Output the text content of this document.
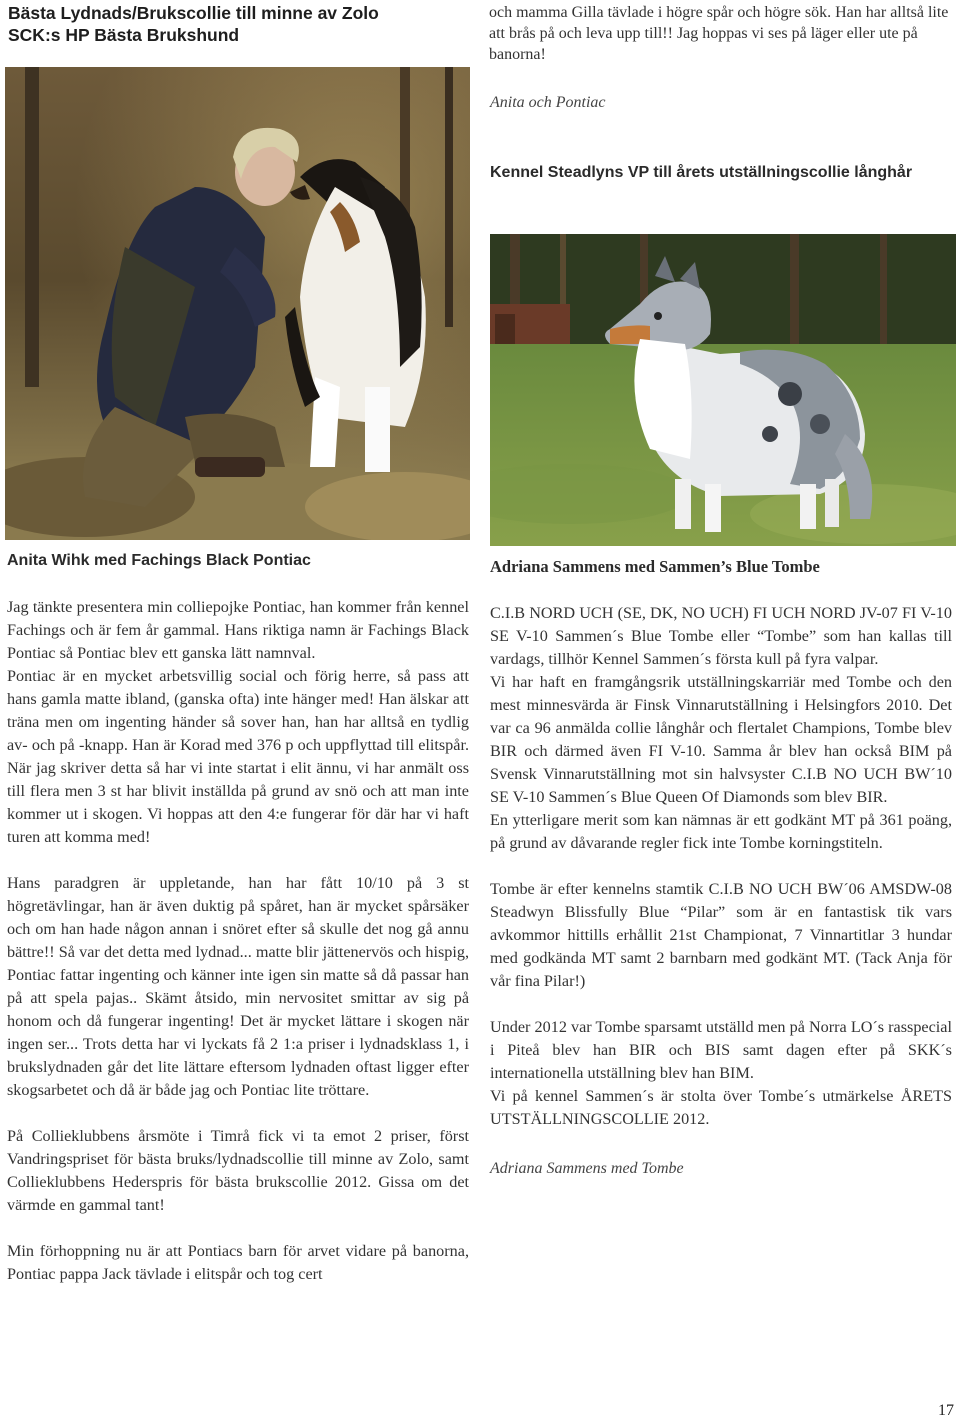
Bästa Lydnads/Brukscollie till minne av Zolo SCK:s HP Bästa Brukshund
och mamma Gilla tävlade i högre spår och högre sök. Han har alltså lite att brås på och leva upp till!! Jag hoppas vi ses på läger eller ute på banorna!
Anita och Pontiac
Kennel Steadlyns VP till årets utställningscollie långhår
Anita Wihk med Fachings Black Pontiac	Adriana Sammens med Sammen’s Blue Tombe

Jag tänkte presentera min colliepojke Pontiac, han kommer från kennel Fachings och är fem år gammal. Hans riktiga namn är Fachings Black Pontiac så Pontiac blev ett ganska lätt namnval.

Pontiac är en mycket arbetsvillig social och förig herre, så pass att hans gamla matte ibland, (ganska ofta) inte hänger med! Han älskar att träna men om ingenting händer så sover han, han har alltså en tydlig av- och på -knapp. Han är Korad med 376 p och uppflyttad till elitspår. När jag skriver detta så har vi inte startat i elit ännu, vi har anmält oss till flera men 3 st har blivit inställda på grund av snö och att man inte kommer ut i skogen. Vi hoppas att den 4:e fungerar för där har vi haft turen att komma med!

Hans paradgren är uppletande, han har fått 10/10 på 3 st högretävlingar, han är även duktig på spåret, han är mycket spårsäker och om han hade någon annan i snöret efter så skulle det nog gå annu bättre!! Så var det detta med lydnad... matte blir jättenervös och hispig, Pontiac fattar ingenting och känner inte igen sin matte så då passar han på att spela pajas.. Skämt åtsido, min nervositet smittar av sig på honom och då fungerar ingenting! Det är mycket lättare i skogen när ingen ser... Trots detta har vi lyckats få 2 1:a priser i lydnadsklass 1, i brukslydnaden går det lite lättare eftersom lydnaden oftast ligger efter skogsarbetet och då är både jag och Pontiac lite tröttare.

På Collieklubbens årsmöte i Timrå fick vi ta emot 2 priser, först Vandringspriset för bästa bruks/lydnadscollie till minne av Zolo, samt Collieklubbens Hederspris för bästa brukscollie 2012. Gissa om det värmde en gammal tant!

Min förhoppning nu är att Pontiacs barn för arvet vidare på banorna, Pontiac pappa Jack tävlade i elitspår och tog cert

C.I.B NORD UCH (SE, DK, NO UCH) FI UCH NORD JV-07 FI V-10 SE V-10 Sammen´s Blue Tombe eller “Tombe” som han kallas till vardags, tillhör Kennel Sammen´s första kull på fyra valpar.

Vi har haft en framgångsrik utställningskarriär med Tombe och den mest minnesvärda är Finsk Vinnarutställning i Helsingfors 2010. Det var ca 96 anmälda collie långhår och flertalet Champions, Tombe blev BIR och därmed även FI V-10. Samma år blev han också BIM på Svensk Vinnarutställning mot sin halvsyster C.I.B NO UCH BW´10 SE V-10 Sammen´s Blue Queen Of Diamonds som blev BIR.

En ytterligare merit som kan nämnas är ett godkänt MT på 361 poäng, på grund av dåvarande regler fick inte Tombe korningstiteln.

Tombe är efter kennelns stamtik C.I.B NO UCH BW´06 AMSDW-08 Steadwyn Blissfully Blue “Pilar” som är en fantastisk tik vars avkommor hittills erhållit 21st Championat, 7 Vinnartitlar 3 hundar med godkända MT samt 2 barnbarn med godkänt MT. (Tack Anja för vår fina Pilar!)

Under 2012 var Tombe sparsamt utställd men på Norra LO´s rasspecial i Piteå blev han BIR och BIS samt dagen efter på SKK´s internationella utställning blev han BIM.

Vi på kennel Sammen´s är stolta över Tombe´s utmärkelse ÅRETS UTSTÄLLNINGSCOLLIE 2012.

Adriana Sammens med Tombe

17
